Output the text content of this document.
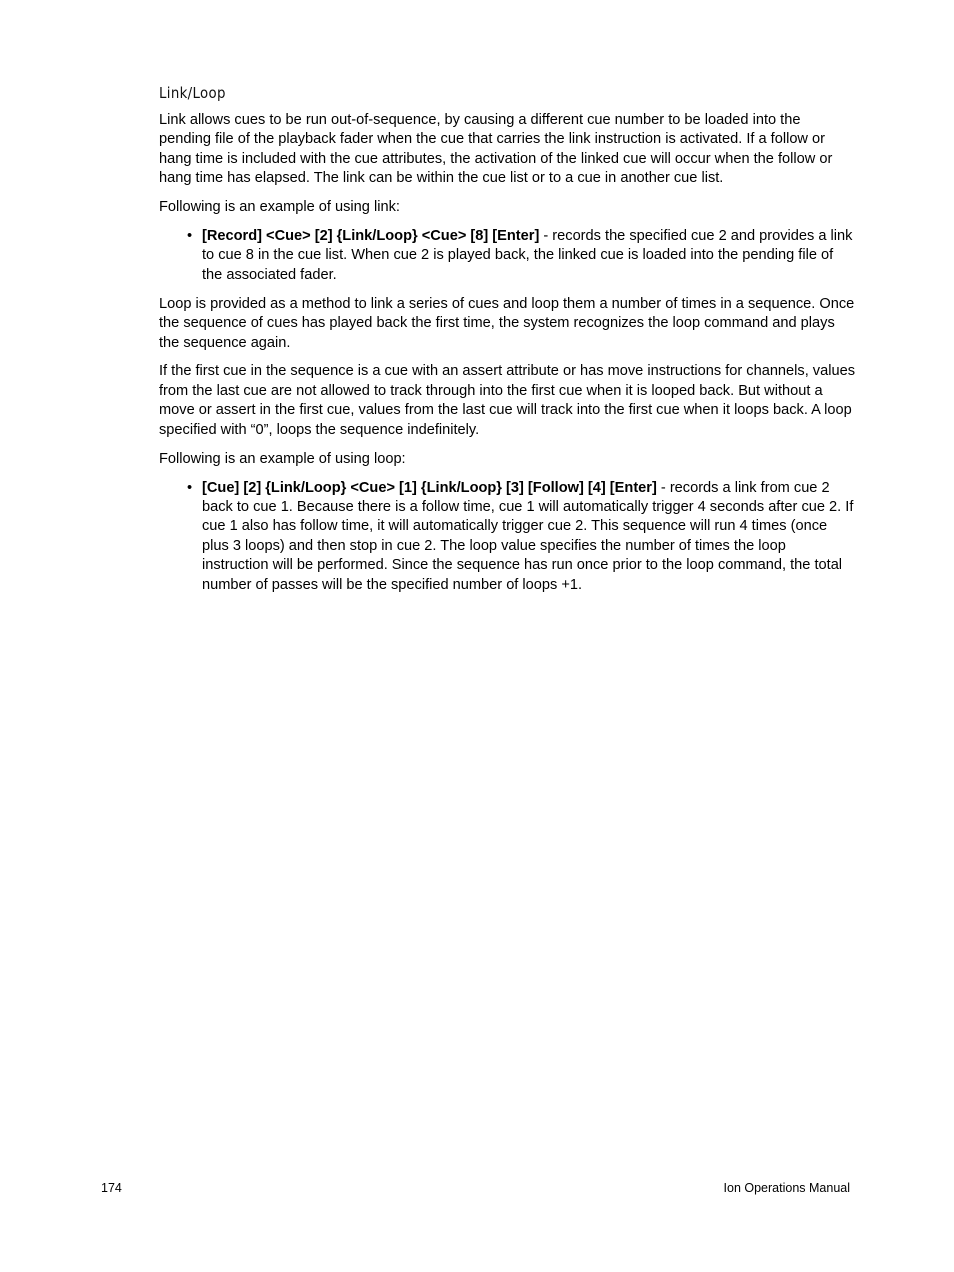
Link/Loop

Link allows cues to be run out-of-sequence, by causing a different cue number to be loaded into the pending file of the playback fader when the cue that carries the link instruction is activated. If a follow or hang time is included with the cue attributes, the activation of the linked cue will occur when the follow or hang time has elapsed. The link can be within the cue list or to a cue in another cue list.

Following is an example of using link:

• [Record] <Cue> [2] {Link/Loop} <Cue> [8] [Enter] - records the specified cue 2 and provides a link to cue 8 in the cue list. When cue 2 is played back, the linked cue is loaded into the pending file of the associated fader.

Loop is provided as a method to link a series of cues and loop them a number of times in a sequence. Once the sequence of cues has played back the first time, the system recognizes the loop command and plays the sequence again.

If the first cue in the sequence is a cue with an assert attribute or has move instructions for channels, values from the last cue are not allowed to track through into the first cue when it is looped back. But without a move or assert in the first cue, values from the last cue will track into the first cue when it loops back. A loop specified with “0”, loops the sequence indefinitely.

Following is an example of using loop:

• [Cue] [2] {Link/Loop} <Cue> [1] {Link/Loop} [3] [Follow] [4] [Enter] - records a link from cue 2 back to cue 1. Because there is a follow time, cue 1 will automatically trigger 4 seconds after cue 2. If cue 1 also has follow time, it will automatically trigger cue 2. This sequence will run 4 times (once plus 3 loops) and then stop in cue 2. The loop value specifies the number of times the loop instruction will be performed. Since the sequence has run once prior to the loop command, the total number of passes will be the specified number of loops +1.
174	Ion Operations Manual
